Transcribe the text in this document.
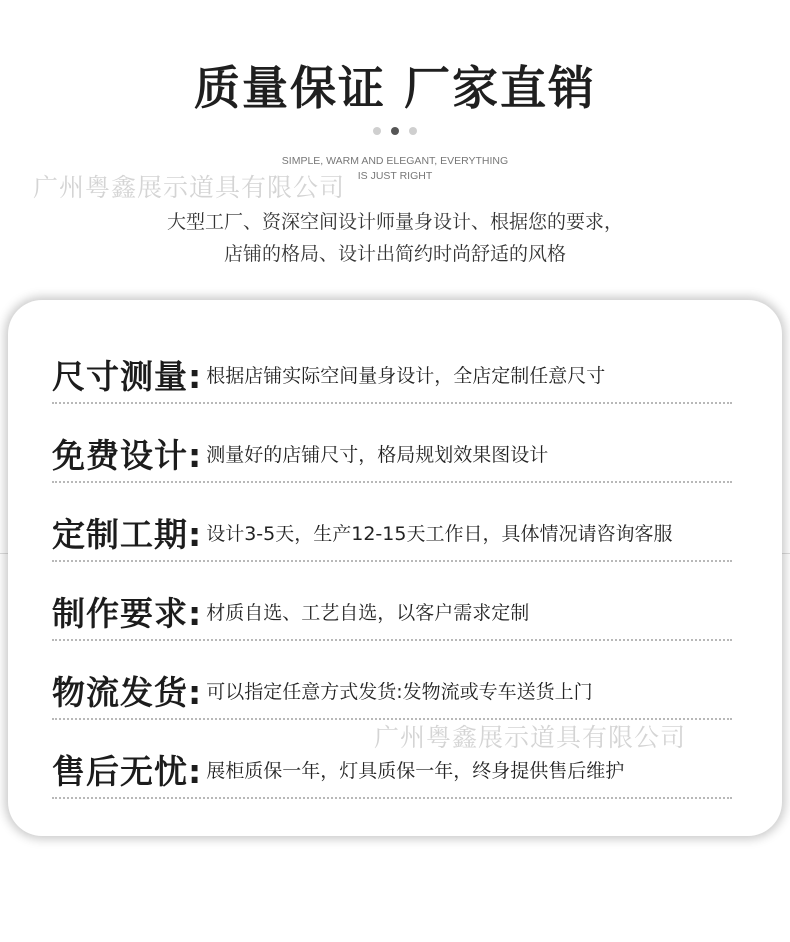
质量保证 厂家直销
SIMPLE, WARM AND ELEGANT, EVERYTHING
IS JUST RIGHT
广州粤鑫展示道具有限公司
大型工厂、资深空间设计师量身设计、根据您的要求，
店铺的格局、设计出简约时尚舒适的风格
尺寸测量: 根据店铺实际空间量身设计，全店定制任意尺寸
免费设计: 测量好的店铺尺寸，格局规划效果图设计
定制工期: 设计3-5天，生产12-15天工作日，具体情况请咨询客服
制作要求: 材质自选、工艺自选，以客户需求定制
物流发货: 可以指定任意方式发货:发物流或专车送货上门
售后无忧: 展柜质保一年，灯具质保一年，终身提供售后维护
广州粤鑫展示道具有限公司
